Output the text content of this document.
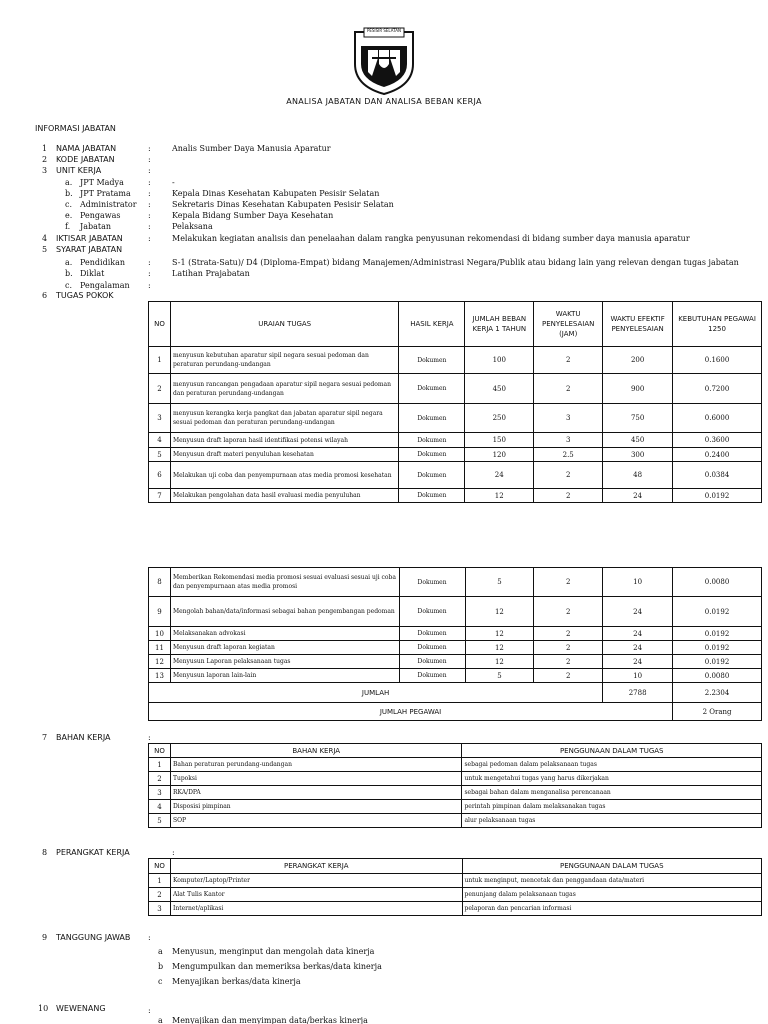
PESISIR SELATAN
ANALISA JABATAN DAN ANALISA BEBAN KERJA
INFORMASI JABATAN
1	NAMA JABATAN	:	Analis Sumber Daya Manusia Aparatur
2	KODE JABATAN	:
3	UNIT KERJA	:
a. JPT Madya	:	-
b. JPT Pratama	:	Kepala Dinas Kesehatan Kabupaten Pesisir Selatan
c. Administrator	:	Sekretaris Dinas Kesehatan Kabupaten Pesisir Selatan
e. Pengawas	:	Kepala Bidang Sumber Daya Kesehatan
f.	Jabatan	:	Pelaksana
4	IKTISAR JABATAN	:	Melakukan kegiatan analisis dan penelaahan dalam rangka penyusunan rekomendasi di bidang sumber daya manusia aparatur
5	SYARAT JABATAN
a. Pendidikan	:	S-1 (Strata-Satu)/ D4 (Diploma-Empat) bidang Manajemen/Administrasi Negara/Publik atau bidang lain yang relevan dengan tugas jabatan
b. Diklat	:	Latihan Prajabatan
c. Pengalaman	:
6	TUGAS POKOK
NO	URAIAN TUGAS	HASIL KERJA	JUMLAH BEBAN KERJA 1 TAHUN	WAKTU PENYELESAIAN (JAM)	WAKTU EFEKTIF PENYELESAIAN	KEBUTUHAN PEGAWAI 1250
1	menyusun kebutuhan aparatur sipil negara sesuai pedoman dan peraturan perundang-undangan	Dokumen	100	2	200	0.1600
2	menyusun rancangan pengadaan aparatur sipil negara sesuai pedoman dan peraturan perundang-undangan	Dokumen	450	2	900	0.7200
3	menyusun kerangka kerja pangkat dan jabatan aparatur sipil negara sesuai pedoman dan peraturan perundang-undangan	Dokumen	250	3	750	0.6000
4	Menyusun draft laporan hasil identifikasi potensi wilayah	Dokumen	150	3	450	0.3600
5	Menyusun draft materi penyuluhan kesehatan	Dokumen	120	2.5	300	0.2400
6	Melakukan uji coba dan penyempurnaan atas media promosi kesehatan	Dokumen	24	2	48	0.0384
7	Melakukan pengolahan data hasil evaluasi media penyuluhan	Dokumen	12	2	24	0.0192
8	Memberikan Rekomendasi media promosi sesuai evaluasi sesuai uji coba dan penyempurnaan atas media promosi	Dokumen	5	2	10	0.0080
9	Mengolah bahan/data/informasi sebagai bahan pengembangan pedoman	Dokumen	12	2	24	0.0192
10	Melaksanakan advokasi	Dokumen	12	2	24	0.0192
11	Menyusun draft laporan kegiatan	Dokumen	12	2	24	0.0192
12	Menyusun Laporan pelaksanaan tugas	Dokumen	12	2	24	0.0192
13	Menyusun laporan lain-lain	Dokumen	5	2	10	0.0080
JUMLAH					2788	2.2304
JUMLAH PEGAWAI						2 Orang
7 BAHAN KERJA	:
NO	BAHAN KERJA	PENGGUNAAN DALAM TUGAS
1	Bahan peraturan perundang-undangan	sebagai pedoman dalam pelaksanaan tugas
2	Tupoksi	untuk mengetahui tugas yang harus dikerjakan
3	RKA/DPA	sebagai bahan dalam menganalisa perencanaan
4	Disposisi pimpinan	perintah pimpinan dalam melaksanakan tugas
5	SOP	alur pelaksanaan tugas
8 PERANGKAT KERJA	:
NO	PERANGKAT KERJA	PENGGUNAAN DALAM TUGAS
1	Komputer/Laptop/Printer	untuk menginput, mencetak dan penggandaan data/materi
2	Alat Tulis Kantor	penunjang dalam pelaksanaan tugas
3	Internet/aplikasi	pelaporan dan pencarian informasi
9 TANGGUNG JAWAB :
a Menyusun, menginput dan mengolah data kinerja
b Mengumpulkan dan memeriksa berkas/data kinerja
c Menyajikan berkas/data kinerja
10 WEWENANG	:
a Menyajikan dan menyimpan data/berkas kinerja
